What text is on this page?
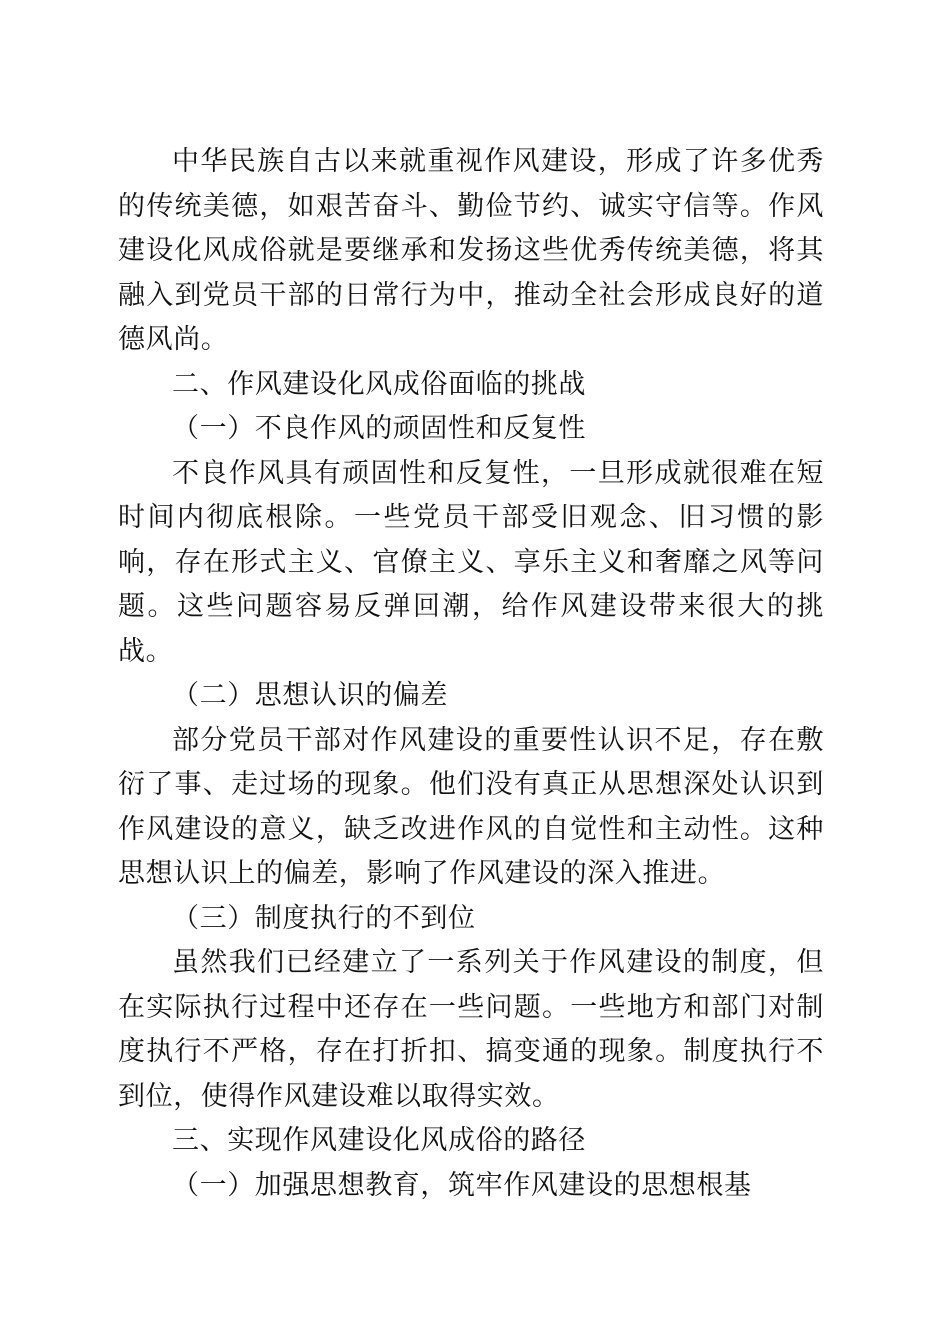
中华民族自古以来就重视作风建设，形成了许多优秀的传统美德，如艰苦奋斗、勤俭节约、诚实守信等。作风建设化风成俗就是要继承和发扬这些优秀传统美德，将其融入到党员干部的日常行为中，推动全社会形成良好的道德风尚。

二、作风建设化风成俗面临的挑战

（一）不良作风的顽固性和反复性

不良作风具有顽固性和反复性，一旦形成就很难在短时间内彻底根除。一些党员干部受旧观念、旧习惯的影响，存在形式主义、官僚主义、享乐主义和奢靡之风等问题。这些问题容易反弹回潮，给作风建设带来很大的挑战。

（二）思想认识的偏差

部分党员干部对作风建设的重要性认识不足，存在敷衍了事、走过场的现象。他们没有真正从思想深处认识到作风建设的意义，缺乏改进作风的自觉性和主动性。这种思想认识上的偏差，影响了作风建设的深入推进。

（三）制度执行的不到位

虽然我们已经建立了一系列关于作风建设的制度，但在实际执行过程中还存在一些问题。一些地方和部门对制度执行不严格，存在打折扣、搞变通的现象。制度执行不到位，使得作风建设难以取得实效。

三、实现作风建设化风成俗的路径

（一）加强思想教育，筑牢作风建设的思想根基
